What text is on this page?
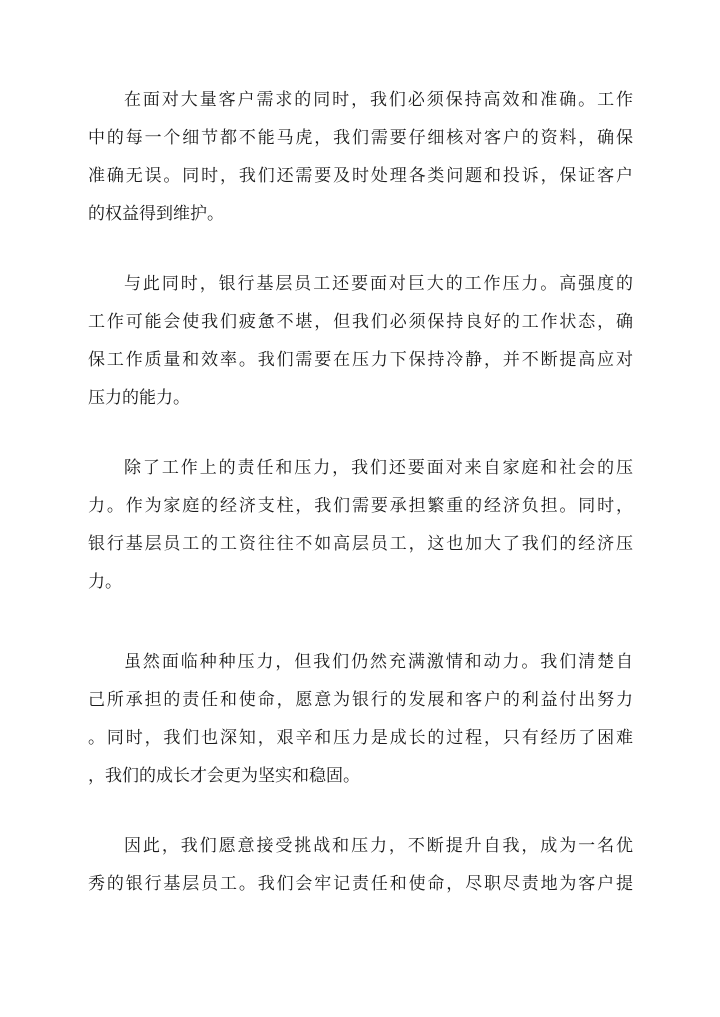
在面对大量客户需求的同时，我们必须保持高效和准确。工作
中的每一个细节都不能马虎，我们需要仔细核对客户的资料，确保
准确无误。同时，我们还需要及时处理各类问题和投诉，保证客户
的权益得到维护。
与此同时，银行基层员工还要面对巨大的工作压力。高强度的
工作可能会使我们疲惫不堪，但我们必须保持良好的工作状态，确
保工作质量和效率。我们需要在压力下保持冷静，并不断提高应对
压力的能力。
除了工作上的责任和压力，我们还要面对来自家庭和社会的压
力。作为家庭的经济支柱，我们需要承担繁重的经济负担。同时，
银行基层员工的工资往往不如高层员工，这也加大了我们的经济压
力。
虽然面临种种压力，但我们仍然充满激情和动力。我们清楚自
己所承担的责任和使命，愿意为银行的发展和客户的利益付出努力
。同时，我们也深知，艰辛和压力是成长的过程，只有经历了困难
，我们的成长才会更为坚实和稳固。
因此，我们愿意接受挑战和压力，不断提升自我，成为一名优
秀的银行基层员工。我们会牢记责任和使命，尽职尽责地为客户提
